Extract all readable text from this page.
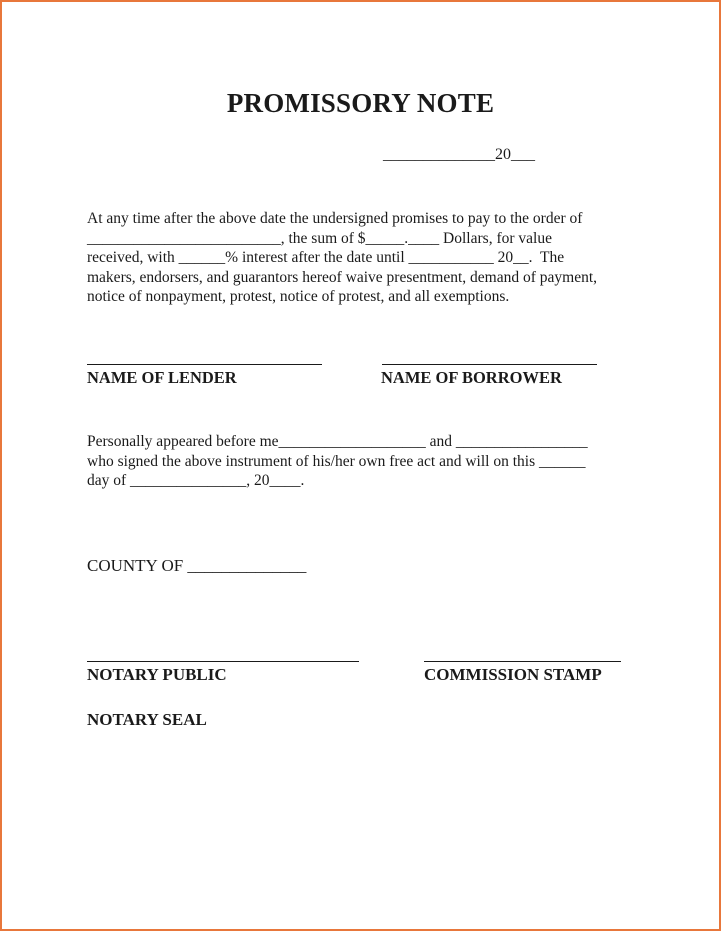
PROMISSORY NOTE
______________20___
At any time after the above date the undersigned promises to pay to the order of
_________________________, the sum of $_____.____ Dollars, for value
received, with ______% interest after the date until ___________ 20__.  The
makers, endorsers, and guarantors hereof waive presentment, demand of payment,
notice of nonpayment, protest, notice of protest, and all exemptions.
NAME OF LENDER	NAME OF BORROWER
Personally appeared before me___________________ and _________________
who signed the above instrument of his/her own free act and will on this ______
day of _______________, 20____.
COUNTY OF ______________
NOTARY PUBLIC	COMMISSION STAMP
NOTARY SEAL
